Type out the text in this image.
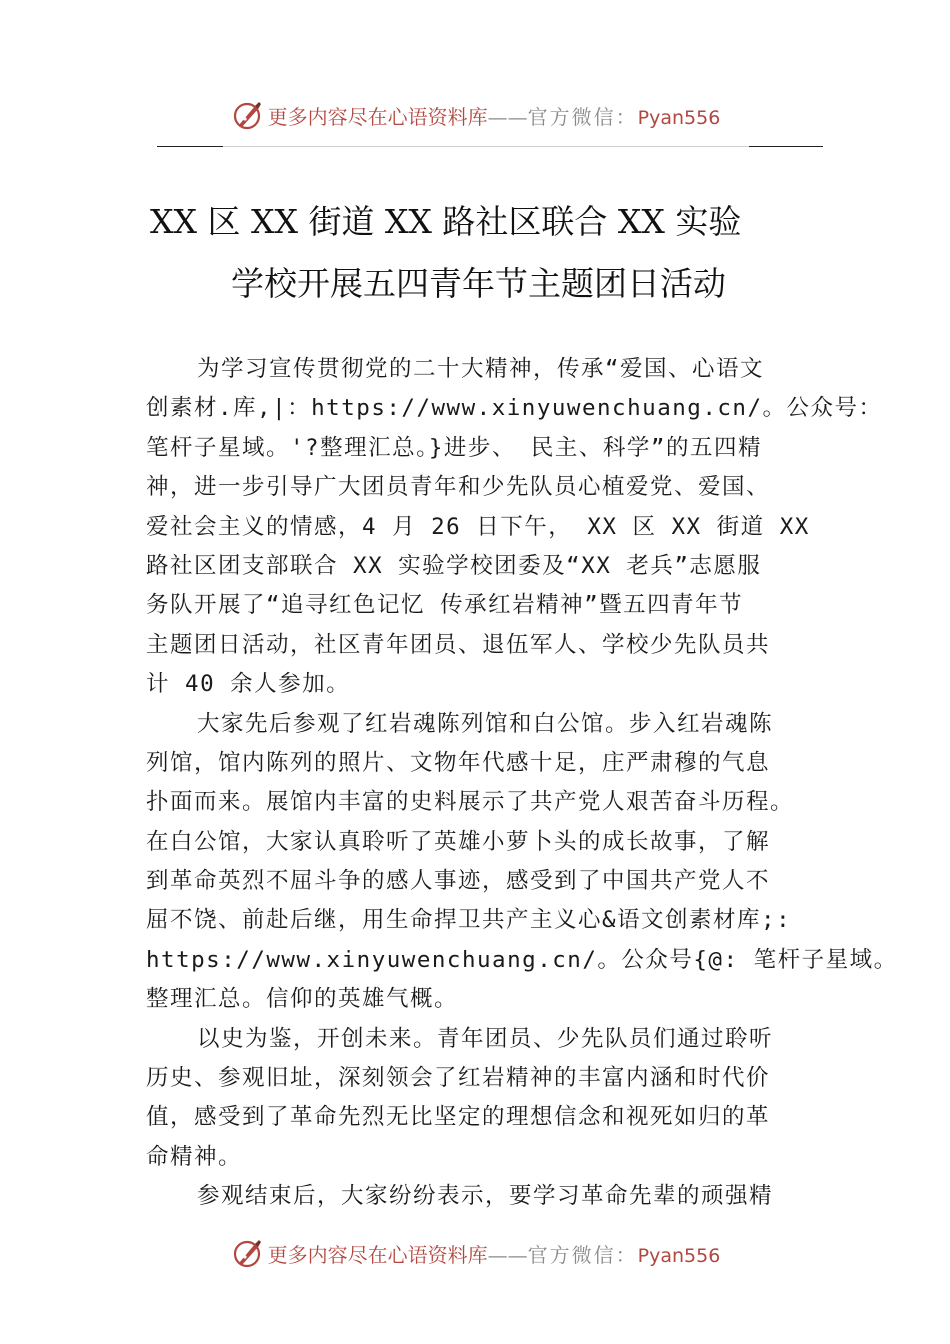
更多内容尽在心语资料库——官方微信：Pyan556
XX 区 XX 街道 XX 路社区联合 XX 实验
学校开展五四青年节主题团日活动
为学习宣传贯彻党的二十大精神，传承“爱国、心语文
创素材.库,|：https://www.xinyuwenchuang.cn/。公众号：
笔杆子星域。'?整理汇总。}进步、 民主、科学”的五四精
神，进一步引导广大团员青年和少先队员心植爱党、爱国、
爱社会主义的情感，4 月 26 日下午， XX 区 XX 街道 XX
路社区团支部联合 XX 实验学校团委及“XX 老兵”志愿服
务队开展了“追寻红色记忆 传承红岩精神”暨五四青年节
主题团日活动，社区青年团员、退伍军人、学校少先队员共
计 40 余人参加。
大家先后参观了红岩魂陈列馆和白公馆。步入红岩魂陈
列馆，馆内陈列的照片、文物年代感十足，庄严肃穆的气息
扑面而来。展馆内丰富的史料展示了共产党人艰苦奋斗历程。
在白公馆，大家认真聆听了英雄小萝卜头的成长故事，了解
到革命英烈不屈斗争的感人事迹，感受到了中国共产党人不
屈不饶、前赴后继，用生命捍卫共产主义心&语文创素材库;:
https://www.xinyuwenchuang.cn/。公众号{@: 笔杆子星域。
整理汇总。信仰的英雄气概。
以史为鉴，开创未来。青年团员、少先队员们通过聆听
历史、参观旧址，深刻领会了红岩精神的丰富内涵和时代价
值，感受到了革命先烈无比坚定的理想信念和视死如归的革
命精神。
参观结束后，大家纷纷表示，要学习革命先辈的顽强精
更多内容尽在心语资料库——官方微信：Pyan556
